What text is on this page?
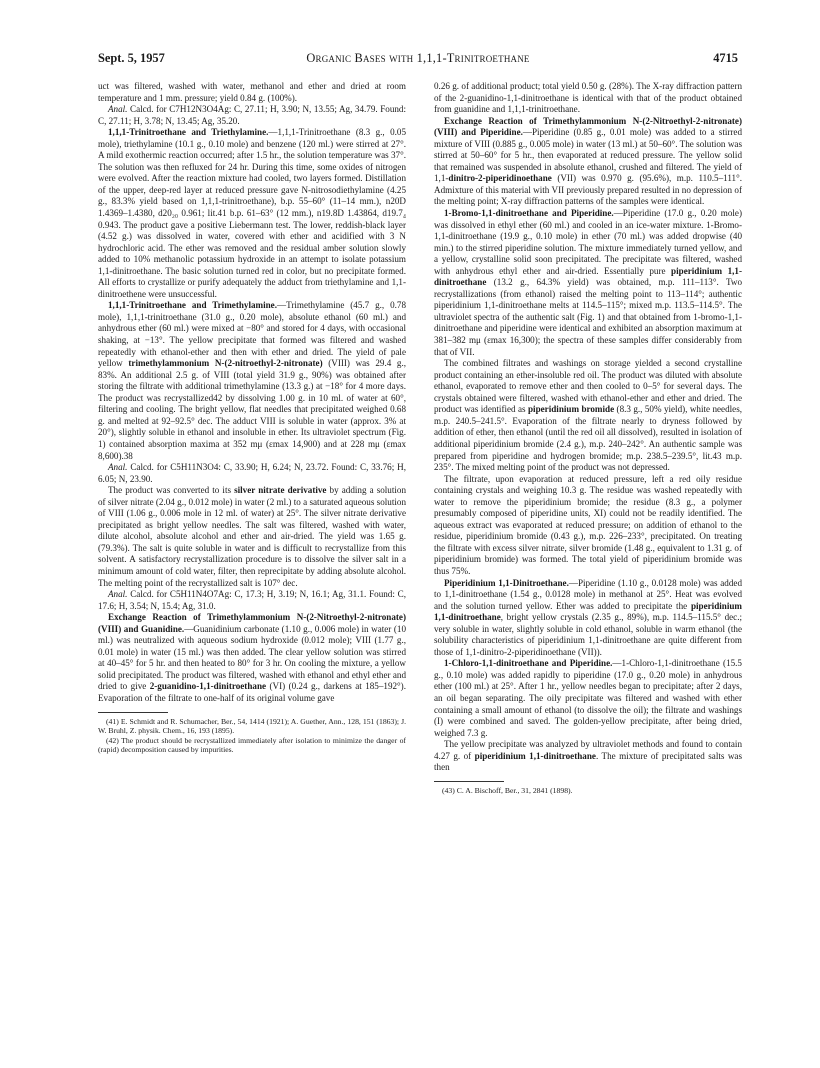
Sept. 5, 1957	Organic Bases with 1,1,1-Trinitroethane	4715

uct was filtered, washed with water, methanol and ether and dried at room temperature and 1 mm. pressure; yield 0.84 g. (100%).

Anal. Calcd. for C7H12N3O4Ag: C, 27.11; H, 3.90; N, 13.55; Ag, 34.79. Found: C, 27.11; H, 3.78; N, 13.45; Ag, 35.20.

1,1,1-Trinitroethane and Triethylamine.—1,1,1-Trinitroethane (8.3 g., 0.05 mole), triethylamine (10.1 g., 0.10 mole) and benzene (120 ml.) were stirred at 27°. A mild exothermic reaction occurred; after 1.5 hr., the solution temperature was 37°. The solution was then refluxed for 24 hr. During this time, some oxides of nitrogen were evolved. After the reaction mixture had cooled, two layers formed. Distillation of the upper, deep-red layer at reduced pressure gave N-nitrosodiethylamine (4.25 g., 83.3% yield based on 1,1,1-trinitroethane), b.p. 55–60° (11–14 mm.), n20D 1.4369–1.4380, d20₂₀ 0.961; lit.41 b.p. 61–63° (12 mm.), n19.8D 1.43864, d19.7₄ 0.943. The product gave a positive Liebermann test. The lower, reddish-black layer (4.52 g.) was dissolved in water, covered with ether and acidified with 3 N hydrochloric acid. The ether was removed and the residual amber solution slowly added to 10% methanolic potassium hydroxide in an attempt to isolate potassium 1,1-dinitroethane. The basic solution turned red in color, but no precipitate formed. All efforts to crystallize or purify adequately the adduct from triethylamine and 1,1-dinitroethene were unsuccessful.

1,1,1-Trinitroethane and Trimethylamine.—Trimethylamine (45.7 g., 0.78 mole), 1,1,1-trinitroethane (31.0 g., 0.20 mole), absolute ethanol (60 ml.) and anhydrous ether (60 ml.) were mixed at −80° and stored for 4 days, with occasional shaking, at −13°. The yellow precipitate that formed was filtered and washed repeatedly with ethanol-ether and then with ether and dried. The yield of pale yellow trimethylammonium N-(2-nitroethyl-2-nitronate) (VIII) was 29.4 g., 83%. An additional 2.5 g. of VIII (total yield 31.9 g., 90%) was obtained after storing the filtrate with additional trimethylamine (13.3 g.) at −18° for 4 more days. The product was recrystallized42 by dissolving 1.00 g. in 10 ml. of water at 60°, filtering and cooling. The bright yellow, flat needles that precipitated weighed 0.68 g. and melted at 92–92.5° dec. The adduct VIII is soluble in water (approx. 3% at 20°), slightly soluble in ethanol and insoluble in ether. Its ultraviolet spectrum (Fig. 1) contained absorption maxima at 352 mμ (εmax 14,900) and at 228 mμ (εmax 8,600).38

Anal. Calcd. for C5H11N3O4: C, 33.90; H, 6.24; N, 23.72. Found: C, 33.76; H, 6.05; N, 23.90.

The product was converted to its silver nitrate derivative by adding a solution of silver nitrate (2.04 g., 0.012 mole) in water (2 ml.) to a saturated aqueous solution of VIII (1.06 g., 0.006 mole in 12 ml. of water) at 25°. The silver nitrate derivative precipitated as bright yellow needles. The salt was filtered, washed with water, dilute alcohol, absolute alcohol and ether and air-dried. The yield was 1.65 g. (79.3%). The salt is quite soluble in water and is difficult to recrystallize from this solvent. A satisfactory recrystallization procedure is to dissolve the silver salt in a minimum amount of cold water, filter, then reprecipitate by adding absolute alcohol. The melting point of the recrystallized salt is 107° dec.

Anal. Calcd. for C5H11N4O7Ag: C, 17.3; H, 3.19; N, 16.1; Ag, 31.1. Found: C, 17.6; H, 3.54; N, 15.4; Ag, 31.0.

Exchange Reaction of Trimethylammonium N-(2-Nitroethyl-2-nitronate) (VIII) and Guanidine.—Guanidinium carbonate (1.10 g., 0.006 mole) in water (10 ml.) was neutralized with aqueous sodium hydroxide (0.012 mole); VIII (1.77 g., 0.01 mole) in water (15 ml.) was then added. The clear yellow solution was stirred at 40–45° for 5 hr. and then heated to 80° for 3 hr. On cooling the mixture, a yellow solid precipitated. The product was filtered, washed with ethanol and ethyl ether and dried to give 2-guanidino-1,1-dinitroethane (VI) (0.24 g., darkens at 185–192°). Evaporation of the filtrate to one-half of its original volume gave

(41) E. Schmidt and R. Schumacher, Ber., 54, 1414 (1921); A. Guether, Ann., 128, 151 (1863); J. W. Bruhl, Z. physik. Chem., 16, 193 (1895).

(42) The product should be recrystallized immediately after isolation to minimize the danger of (rapid) decomposition caused by impurities.

0.26 g. of additional product; total yield 0.50 g. (28%). The X-ray diffraction pattern of the 2-guanidino-1,1-dinitroethane is identical with that of the product obtained from guanidine and 1,1,1-trinitroethane.

Exchange Reaction of Trimethylammonium N-(2-Nitroethyl-2-nitronate) (VIII) and Piperidine.—Piperidine (0.85 g., 0.01 mole) was added to a stirred mixture of VIII (0.885 g., 0.005 mole) in water (13 ml.) at 50–60°. The solution was stirred at 50–60° for 5 hr., then evaporated at reduced pressure. The yellow solid that remained was suspended in absolute ethanol, crushed and filtered. The yield of 1,1-dinitro-2-piperidinoethane (VII) was 0.970 g. (95.6%), m.p. 110.5–111°. Admixture of this material with VII previously prepared resulted in no depression of the melting point; X-ray diffraction patterns of the samples were identical.

1-Bromo-1,1-dinitroethane and Piperidine.—Piperidine (17.0 g., 0.20 mole) was dissolved in ethyl ether (60 ml.) and cooled in an ice-water mixture. 1-Bromo-1,1-dinitroethane (19.9 g., 0.10 mole) in ether (70 ml.) was added dropwise (40 min.) to the stirred piperidine solution. The mixture immediately turned yellow, and a yellow, crystalline solid soon precipitated. The precipitate was filtered, washed with anhydrous ethyl ether and air-dried. Essentially pure piperidinium 1,1-dinitroethane (13.2 g., 64.3% yield) was obtained, m.p. 111–113°. Two recrystallizations (from ethanol) raised the melting point to 113–114°; authentic piperidinium 1,1-dinitroethane melts at 114.5–115°; mixed m.p. 113.5–114.5°. The ultraviolet spectra of the authentic salt (Fig. 1) and that obtained from 1-bromo-1,1-dinitroethane and piperidine were identical and exhibited an absorption maximum at 381–382 mμ (εmax 16,300); the spectra of these samples differ considerably from that of VII.

The combined filtrates and washings on storage yielded a second crystalline product containing an ether-insoluble red oil. The product was diluted with absolute ethanol, evaporated to remove ether and then cooled to 0–5° for several days. The crystals obtained were filtered, washed with ethanol-ether and ether and dried. The product was identified as piperidinium bromide (8.3 g., 50% yield), white needles, m.p. 240.5–241.5°. Evaporation of the filtrate nearly to dryness followed by addition of ether, then ethanol (until the red oil all dissolved), resulted in isolation of additional piperidinium bromide (2.4 g.), m.p. 240–242°. An authentic sample was prepared from piperidine and hydrogen bromide; m.p. 238.5–239.5°, lit.43 m.p. 235°. The mixed melting point of the product was not depressed.

The filtrate, upon evaporation at reduced pressure, left a red oily residue containing crystals and weighing 10.3 g. The residue was washed repeatedly with water to remove the piperidinium bromide; the residue (8.3 g., a polymer presumably composed of piperidine units, XI) could not be readily identified. The aqueous extract was evaporated at reduced pressure; on addition of ethanol to the residue, piperidinium bromide (0.43 g.), m.p. 226–233°, precipitated. On treating the filtrate with excess silver nitrate, silver bromide (1.48 g., equivalent to 1.31 g. of piperidinium bromide) was formed. The total yield of piperidinium bromide was thus 75%.

Piperidinium 1,1-Dinitroethane.—Piperidine (1.10 g., 0.0128 mole) was added to 1,1-dinitroethane (1.54 g., 0.0128 mole) in methanol at 25°. Heat was evolved and the solution turned yellow. Ether was added to precipitate the piperidinium 1,1-dinitroethane, bright yellow crystals (2.35 g., 89%), m.p. 114.5–115.5° dec.; very soluble in water, slightly soluble in cold ethanol, soluble in warm ethanol (the solubility characteristics of piperidinium 1,1-dinitroethane are quite different from those of 1,1-dinitro-2-piperidinoethane (VII)).

1-Chloro-1,1-dinitroethane and Piperidine.—1-Chloro-1,1-dinitroethane (15.5 g., 0.10 mole) was added rapidly to piperidine (17.0 g., 0.20 mole) in anhydrous ether (100 ml.) at 25°. After 1 hr., yellow needles began to precipitate; after 2 days, an oil began separating. The oily precipitate was filtered and washed with ether containing a small amount of ethanol (to dissolve the oil); the filtrate and washings (I) were combined and saved. The golden-yellow precipitate, after being dried, weighed 7.3 g.

The yellow precipitate was analyzed by ultraviolet methods and found to contain 4.27 g. of piperidinium 1,1-dinitroethane. The mixture of precipitated salts was then

(43) C. A. Bischoff, Ber., 31, 2841 (1898).
